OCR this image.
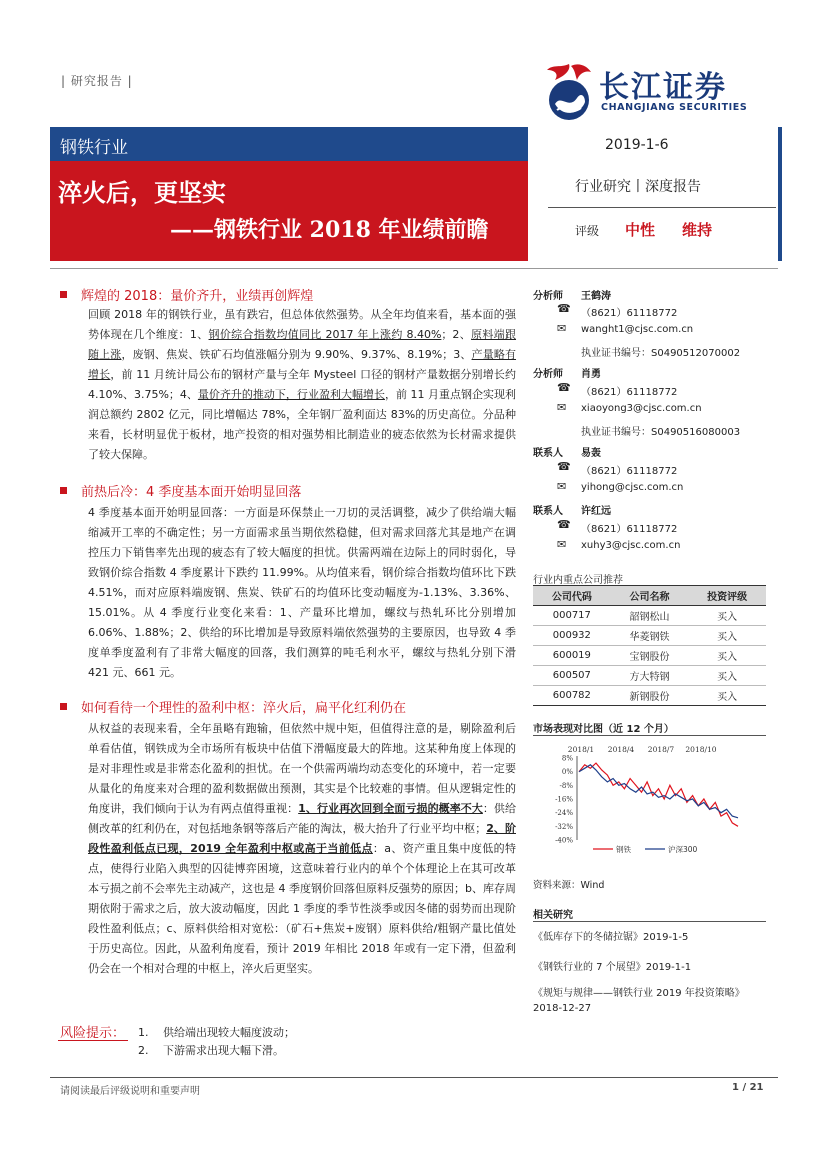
| 研究报告 |	长江证券
CHANGJIANG SECURITIES
钢铁行业
淬火后，更坚实
——钢铁行业 2018 年业绩前瞻
2019-1-6
行业研究丨深度报告
评级 中性 维持
辉煌的 2018：量价齐升，业绩再创辉煌
回顾 2018 年的钢铁行业，虽有跌宕，但总体依然强势。从全年均值来看，基本面的强势体现在几个维度：1、钢价综合指数均值同比 2017 年上涨约 8.40%；2、原料端跟随上涨，废钢、焦炭、铁矿石均值涨幅分别为 9.90%、9.37%、8.19%；3、产量略有增长，前 11 月统计局公布的钢材产量与全年 Mysteel 口径的钢材产量数据分别增长约 4.10%、3.75%；4、量价齐升的推动下，行业盈利大幅增长，前 11 月重点钢企实现利润总额约 2802 亿元，同比增幅达 78%，全年钢厂盈利面达 83%的历史高位。分品种来看，长材明显优于板材，地产投资的相对强势相比制造业的疲态依然为长材需求提供了较大保障。
前热后冷：4 季度基本面开始明显回落
4 季度基本面开始明显回落：一方面是环保禁止一刀切的灵活调整，减少了供给端大幅缩减开工率的不确定性；另一方面需求虽当期依然稳健，但对需求回落尤其是地产在调控压力下销售率先出现的疲态有了较大幅度的担忧。供需两端在边际上的同时弱化，导致钢价综合指数 4 季度累计下跌约 11.99%。从均值来看，钢价综合指数均值环比下跌 4.51%，而对应原料端废钢、焦炭、铁矿石的均值环比变动幅度为-1.13%、3.36%、15.01%。从 4 季度行业变化来看：1、产量环比增加，螺纹与热轧环比分别增加 6.06%、1.88%；2、供给的环比增加是导致原料端依然强势的主要原因，也导致 4 季度单季度盈利有了非常大幅度的回落，我们测算的吨毛利水平，螺纹与热轧分别下滑 421 元、661 元。
如何看待一个理性的盈利中枢：淬火后，扁平化红利仍在
从权益的表现来看，全年虽略有跑输，但依然中规中矩，但值得注意的是，剔除盈利后单看估值，钢铁成为全市场所有板块中估值下滑幅度最大的阵地。这某种角度上体现的是对非理性或是非常态化盈利的担忧。在一个供需两端均动态变化的环境中，若一定要从量化的角度来对合理的盈利数据做出预测，其实是个比较难的事情。但从逻辑定性的角度讲，我们倾向于认为有两点值得重视：1、行业再次回到全面亏损的概率不大：供给侧改革的红利仍在，对包括地条钢等落后产能的淘汰，极大抬升了行业平均中枢；2、阶段性盈利低点已现，2019 全年盈利中枢或高于当前低点：a、资产重且集中度低的特点，使得行业陷入典型的囚徒博弈困境，这意味着行业内的单个个体理论上在其可改革本亏损之前不会率先主动减产，这也是 4 季度钢价回落但原料反强势的原因；b、库存周期依附于需求之后，放大波动幅度，因此 1 季度的季节性淡季或因冬储的弱势而出现阶段性盈利低点；c、原料供给相对宽松：（矿石+焦炭+废钢）原料供给/粗钢产量比值处于历史高位。因此，从盈利角度看，预计 2019 年相比 2018 年或有一定下滑，但盈利仍会在一个相对合理的中枢上，淬火后更坚实。
风险提示： 1.　 供给端出现较大幅度波动；
2.　 下游需求出现大幅下滑。
分析师 王鹤涛
☎ （8621）61118772
✉ wanght1@cjsc.com.cn
执业证书编号：S0490512070002
分析师 肖勇
☎ （8621）61118772
✉ xiaoyong3@cjsc.com.cn
执业证书编号：S0490516080003
联系人 易轰
☎ （8621）61118772
✉ yihong@cjsc.com.cn
联系人 许红远
☎ （8621）61118772
✉ xuhy3@cjsc.com.cn
行业内重点公司推荐
公司代码	公司名称	投资评级
000717	韶钢松山	买入
000932	华菱钢铁	买入
600019	宝钢股份	买入
600507	方大特钢	买入
600782	新钢股份	买入
市场表现对比图（近 12 个月）
2018/1 2018/4 2018/7 2018/10
8%
0%
-8%
-16%
-24%
-32%
-40%
钢铁	沪深300
资料来源：Wind
相关研究
《低库存下的冬储拉锯》2019-1-5
《钢铁行业的 7 个展望》2019-1-1
《规矩与规律——钢铁行业 2019 年投资策略》2018-12-27
请阅读最后评级说明和重要声明	1 / 21
